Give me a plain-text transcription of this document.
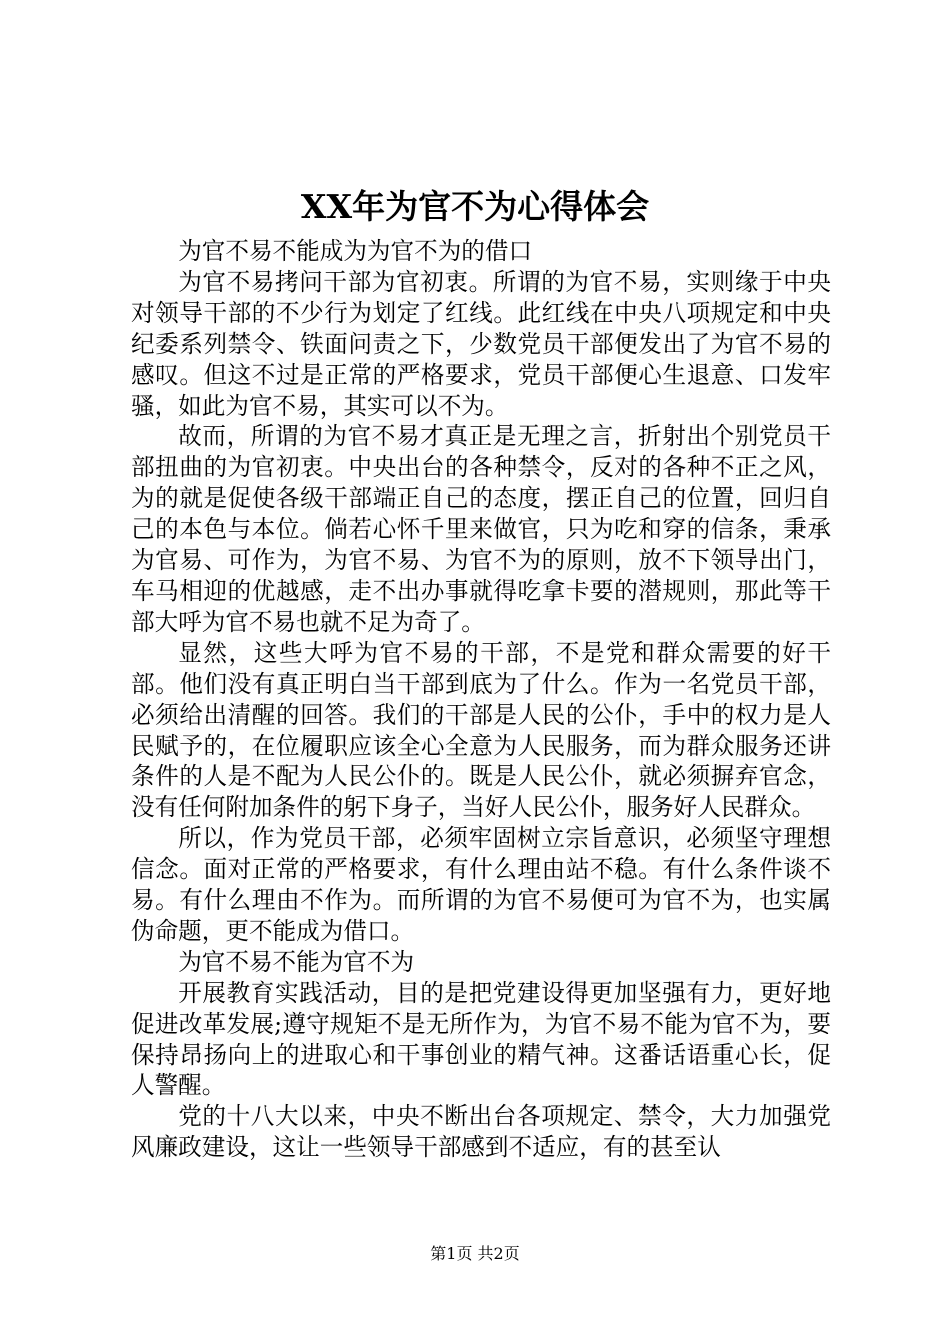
XX年为官不为心得体会

为官不易不能成为为官不为的借口

为官不易拷问干部为官初衷。所谓的为官不易，实则缘于中央对领导干部的不少行为划定了红线。此红线在中央八项规定和中央纪委系列禁令、铁面问责之下，少数党员干部便发出了为官不易的感叹。但这不过是正常的严格要求，党员干部便心生退意、口发牢骚，如此为官不易，其实可以不为。

故而，所谓的为官不易才真正是无理之言，折射出个别党员干部扭曲的为官初衷。中央出台的各种禁令，反对的各种不正之风，为的就是促使各级干部端正自己的态度，摆正自己的位置，回归自己的本色与本位。倘若心怀千里来做官，只为吃和穿的信条，秉承为官易、可作为，为官不易、为官不为的原则，放不下领导出门，车马相迎的优越感，走不出办事就得吃拿卡要的潜规则，那此等干部大呼为官不易也就不足为奇了。

显然，这些大呼为官不易的干部，不是党和群众需要的好干部。他们没有真正明白当干部到底为了什么。作为一名党员干部，必须给出清醒的回答。我们的干部是人民的公仆，手中的权力是人民赋予的，在位履职应该全心全意为人民服务，而为群众服务还讲条件的人是不配为人民公仆的。既是人民公仆，就必须摒弃官念，没有任何附加条件的躬下身子，当好人民公仆，服务好人民群众。

所以，作为党员干部，必须牢固树立宗旨意识，必须坚守理想信念。面对正常的严格要求，有什么理由站不稳。有什么条件谈不易。有什么理由不作为。而所谓的为官不易便可为官不为，也实属伪命题，更不能成为借口。

为官不易不能为官不为

开展教育实践活动，目的是把党建设得更加坚强有力，更好地促进改革发展;遵守规矩不是无所作为，为官不易不能为官不为，要保持昂扬向上的进取心和干事创业的精气神。这番话语重心长，促人警醒。

党的十八大以来，中央不断出台各项规定、禁令，大力加强党风廉政建设，这让一些领导干部感到不适应，有的甚至认

第1页 共2页
